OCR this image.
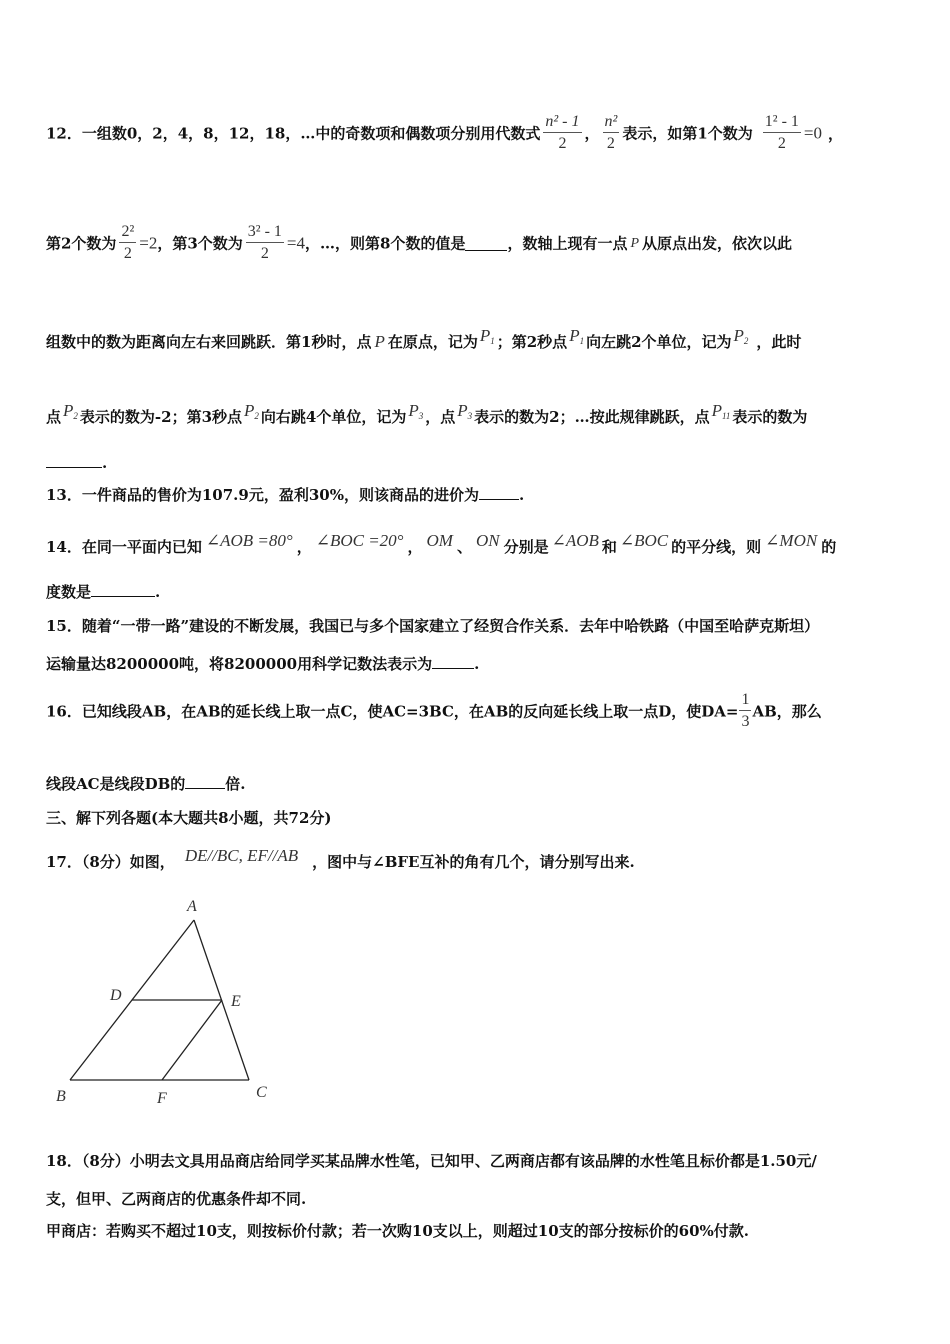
12．一组数0，2，4，8，12，18，…中的奇数项和偶数项分别用代数式 $\frac{\text{n² - 1}}{2}$ ， $\frac{\text{n²}}{2}$ 表示，如第1个数为 $\frac{\text{1² - 1}}{2} =0$ ，
第2个数为 $\frac{\text{2²}}{2} =2$，第3个数为 $\frac{\text{3² - 1}}{2} =4$，…，则第8个数的值是	，数轴上现有一点 P 从原点出发，依次以此
组数中的数为距离向左右来回跳跃．第1秒时，点 P 在原点，记为 $P_1$ ；第2秒点 $P_1$ 向左跳2个单位，记为 $P_2$ ，此时
点 $P_2$ 表示的数为-2；第3秒点 $P_2$ 向右跳4个单位，记为 $P_3$ ，点 $P_3$ 表示的数为2；…按此规律跳跃，点 $P_{11}$ 表示的数为
.
13．一件商品的售价为107.9元，盈利30%，则该商品的进价为	.
14．在同一平面内已知 ∠AOB =80° ， ∠BOC =20° ， OM 、 ON 分别是 ∠AOB 和 ∠BOC 的平分线，则 ∠MON 的
度数是	.
15．随着“一带一路”建设的不断发展，我国已与多个国家建立了经贸合作关系．去年中哈铁路（中国至哈萨克斯坦）
运输量达8200000吨，将8200000用科学记数法表示为	.
16．已知线段AB，在AB的延长线上取一点C，使AC=3BC，在AB的反向延长线上取一点D，使$DA= \frac{1}{3}$ AB，那么
线段AC是线段DB的	倍.
三、解下列各题(本大题共8小题，共72分)
17．（8分）如图， DE//BC, EF//AB ，图中与∠BFE互补的角有几个，请分别写出来.
A
D	E
B	F	C
18．（8分）小明去文具用品商店给同学买某品牌水性笔，已知甲、乙两商店都有该品牌的水性笔且标价都是1.50元/
支，但甲、乙两商店的优惠条件却不同.
甲商店：若购买不超过10支，则按标价付款；若一次购10支以上，则超过10支的部分按标价的60%付款.
